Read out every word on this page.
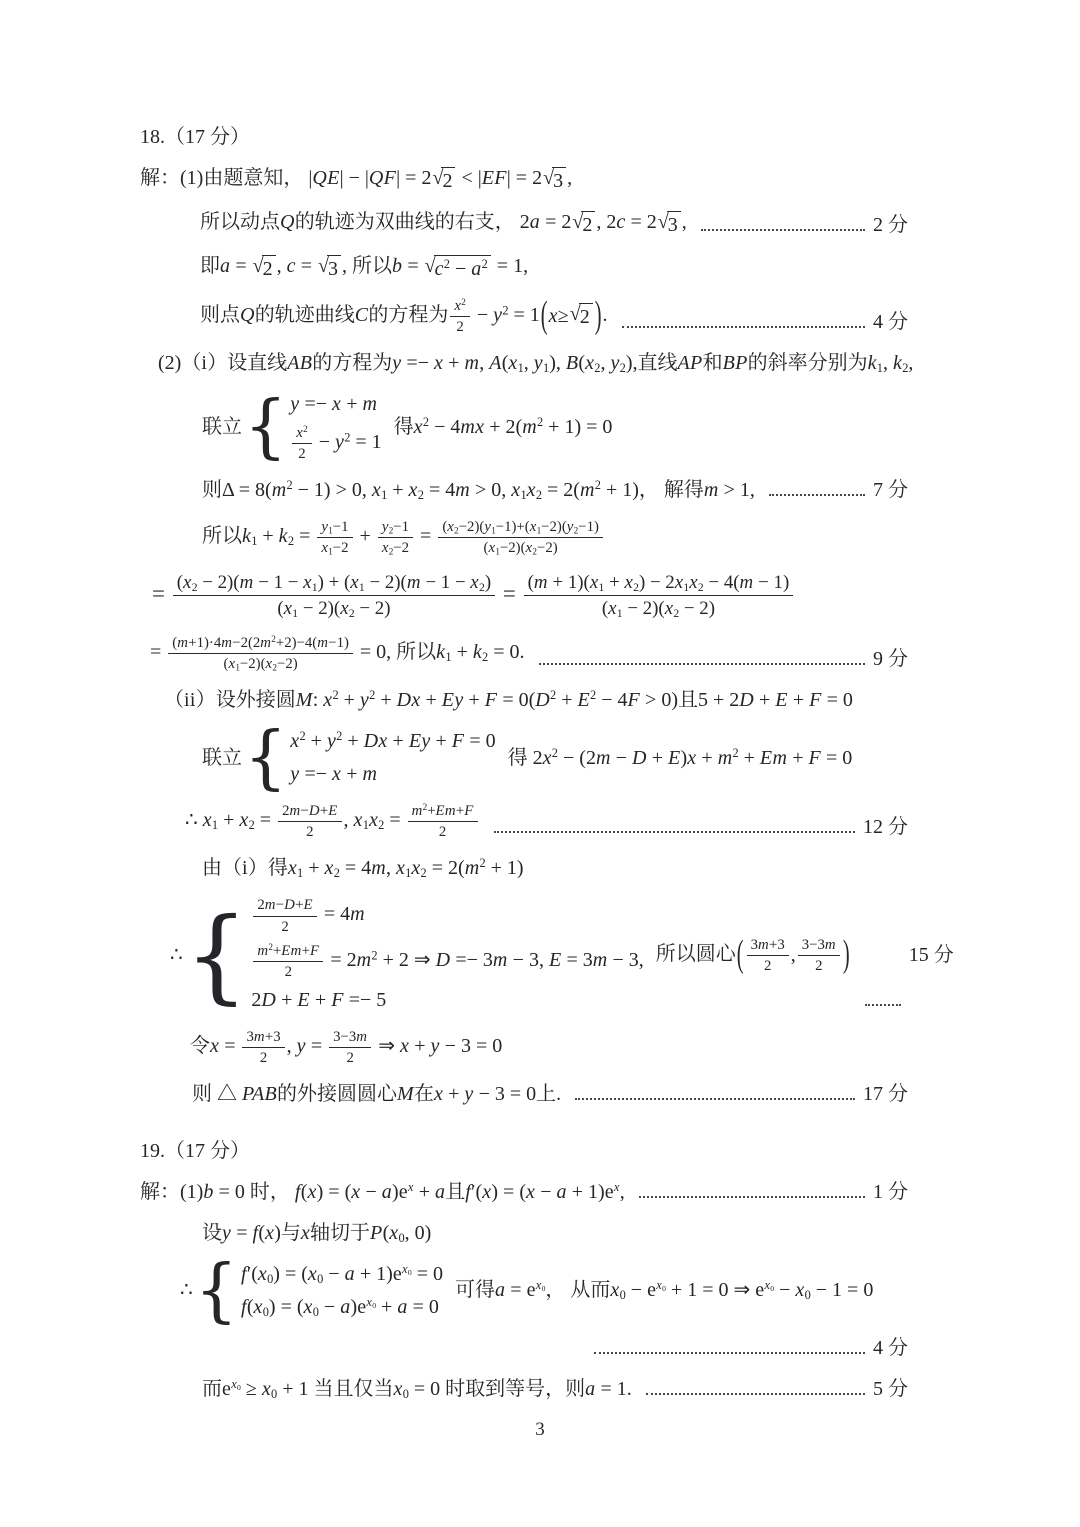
18.（17 分）
解：(1)由题意知， |QE| − |QF| = 2 √ 2 < |EF| = 2 √ 3 ,
所以动点Q的轨迹为双曲线的右支， 2a = 2 √ 2 , 2c = 2 √ 3 ,	2 分
即a = √ 2 , c = √ 3 , 所以b = √ $c^2 - a^2 = 1$,
则点Q的轨迹曲线C的方程为 $\frac{x^2}{2} - y^2 = 1$ ( x ≥ √ 2 ) .	4 分
(2)（i）设直线AB的方程为y =− x + m, $A(x_1$, $y_1$), $B(x_2$, $y_2$),直线AP和BP的斜率分别为$k_1$, $k_2$,
联立 { y =− x + m
$\frac{x^2}{2} - y^2 = 1$
得$x^2 - 4mx + 2(m^2 + 1) = 0$
则$\Delta = 8(m^2 - 1) > 0$, $x_1 + x_2 = 4m > 0$, $x_1x_2 = 2(m^2 + 1)$， 解得m > 1,	7 分
所以$k_1 + k_2 = \frac{y_1-1}{x_1-2} + \frac{y_2-1}{x_2-2} = \frac{(x_2-2)(y_1-1)+(x_1-2)(y_2-1)}{(x_1-2)(x_2-2)}$
= $\frac{(x_2 - 2)(m - 1 - x_1) + (x_1 - 2)(m - 1 - x_2)}{(x_1 - 2)(x_2 - 2)} = \frac{(m + 1)(x_1 + x_2) - 2x_1x_2 - 4(m - 1)}{(x_1 - 2)(x_2 - 2)}$
= $\frac{(m+1)\cdot 4m-2(2m^2+2)-4(m-1)}{(x_1-2)(x_2-2)} = 0$, 所以$k_1 + k_2 = 0$.	9 分
（ii）设外接圆M: $x^2 + y^2 + Dx + Ey + F = 0(D^2 + E^2 - 4F > 0)$且5 + 2D + E + F = 0
联立 { $x^2 + y^2 + Dx + Ey + F = 0$
y =− x + m
得 $2x^2 - (2m - D + E)x + m^2 + Em + F = 0$
∴ $x_1 + x_2 = \frac{2m-D+E}{2}$ , $x_1x_2 = \frac{m^2+Em+F}{2}$	12 分
由（i）得$x_1 + x_2 = 4m$, $x_1x_2 = 2(m^2 + 1)$
∴ { $\frac{2m-D+E}{2} = 4m$
$\frac{m^2+Em+F}{2} = 2m^2 + 2$ ⇒ D =− 3m − 3, E = 3m − 3,
2D + E + F =− 5
所以圆心 ( $\frac{3m+3}{2}$ , $\frac{3-3m}{2}$ )	15 分
令$x = \frac{3m+3}{2}$ , $y = \frac{3-3m}{2}$ ⇒ x + y − 3 = 0
则 △ PAB的外接圆圆心M在x + y − 3 = 0上.	17 分
19.（17 分）
解：(1)b = 0 时， $f(x) = (x - a)e^x + a$且$f'(x) = (x - a + 1)e^x$,	1 分
设y = f(x)与x轴切于$P(x_0$, 0)
∴ { $f'(x_0) = (x_0 - a + 1)e^{x_0} = 0$
$f(x_0) = (x_0 - a)e^{x_0} + a = 0$
可得$a = e^{x_0}$， 从而$x_0 - e^{x_0} + 1 = 0$ ⇒ $e^{x_0} - x_0 - 1 = 0$
4 分
而$e^{x_0} \ge x_0 + 1$ 当且仅当$x_0 = 0$ 时取到等号，则a = 1.	5 分
3
